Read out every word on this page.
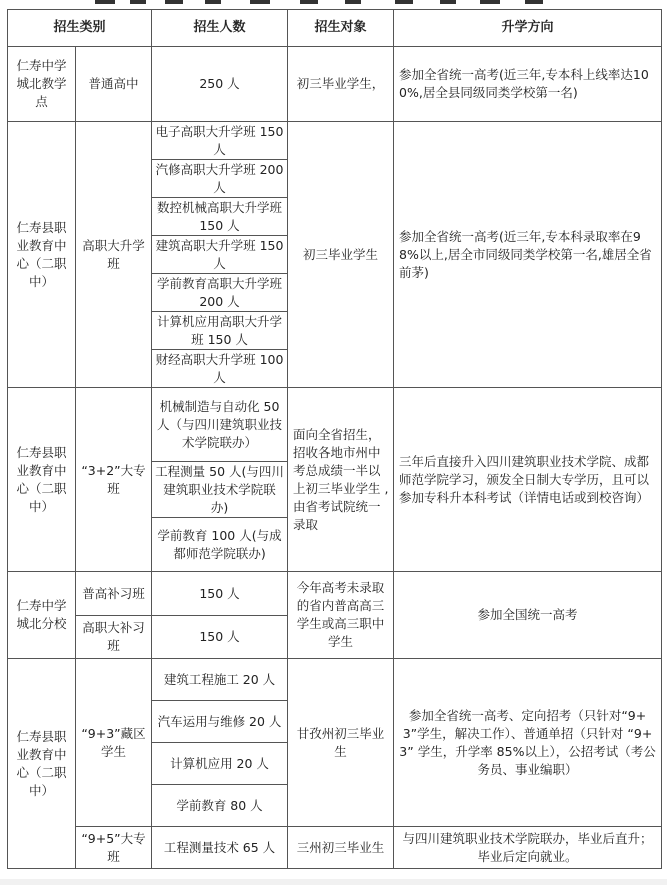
招生类别		招生人数	招生对象	升学方向
仁寿中学城北教学点	普通高中	250 人	初三毕业学生，	参加全省统一高考(近三年,专本科上线率达100%,居全县同级同类学校第一名)
仁寿县职业教育中心（二职中）	高职大升学班	电子高职大升学班 150 人	初三毕业学生	参加全省统一高考(近三年,专本科录取率在98%以上,居全市同级同类学校第一名,雄居全省前茅)
		汽修高职大升学班 200 人		
		数控机械高职大升学班 150 人		
		建筑高职大升学班 150 人		
		学前教育高职大升学班 200 人		
		计算机应用高职大升学班 150 人		
		财经高职大升学班 100 人		
仁寿县职业教育中心（二职中）	“3+2”大专班	机械制造与自动化 50 人（与四川建筑职业技术学院联办）	面向全省招生，招收各地市州中考总成绩一半以上初三毕业学生 ,由省考试院统一录取	三年后直接升入四川建筑职业技术学院、成都师范学院学习，颁发全日制大专学历，且可以参加专科升本科考试（详情电话或到校咨询）
		工程测量 50 人(与四川建筑职业技术学院联办)		
		学前教育 100 人(与成都师范学院联办)		
仁寿中学城北分校	普高补习班	150 人	今年高考未录取的省内普高高三学生或高三职中学生	参加全国统一高考
	高职大补习班	150 人		
仁寿县职业教育中心（二职中）	“9+3”藏区学生	建筑工程施工 20 人	甘孜州初三毕业生	参加全省统一高考、定向招考（只针对“9+3”学生，解决工作）、普通单招（只针对 “9+3” 学生，升学率 85%以上），公招考试（考公务员、事业编职）
		汽车运用与维修 20 人		
		计算机应用 20 人		
		学前教育 80 人		
	“9+5”大专班	工程测量技术 65 人	三州初三毕业生	与四川建筑职业技术学院联办，毕业后直升；毕业后定向就业。
